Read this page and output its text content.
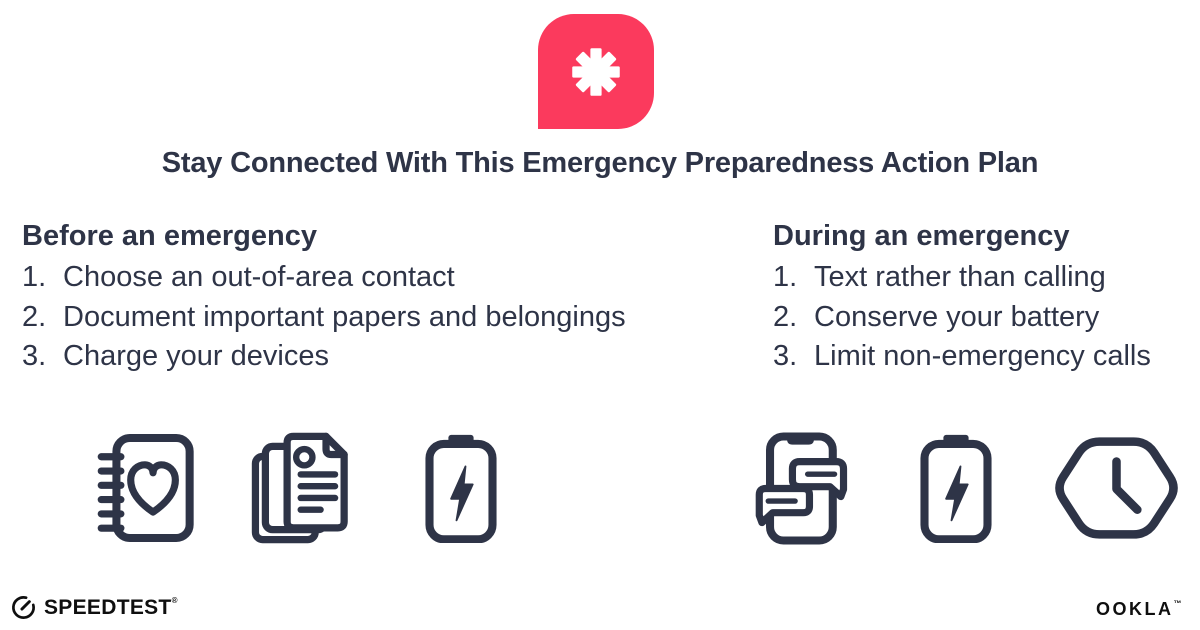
Stay Connected With This Emergency Preparedness Action Plan
Before an emergency
1. Choose an out-of-area contact
2. Document important papers and belongings
3. Charge your devices
During an emergency
1. Text rather than calling
2. Conserve your battery
3. Limit non-emergency calls
SPEEDTEST®	OOKLA™
